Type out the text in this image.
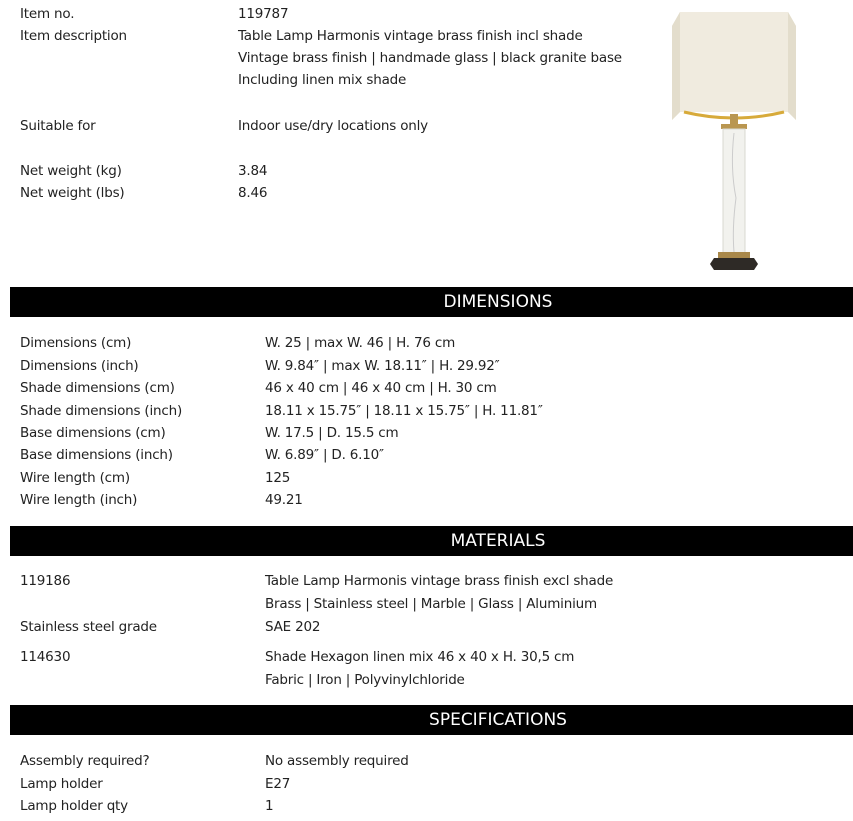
Item no.	119787
Item description	Table Lamp Harmonis vintage brass finish incl shade
Vintage brass finish | handmade glass | black granite base
Including linen mix shade
Suitable for	Indoor use/dry locations only
Net weight (kg)	3.84
Net weight (lbs)	8.46
DIMENSIONS
Dimensions (cm)	W. 25 | max W. 46 | H. 76 cm
Dimensions (inch)	W. 9.84″ | max W. 18.11″ | H. 29.92″
Shade dimensions (cm)	46 x 40 cm | 46 x 40 cm | H. 30 cm
Shade dimensions (inch)	18.11 x 15.75″ | 18.11 x 15.75″ | H. 11.81″
Base dimensions (cm)	W. 17.5 | D. 15.5 cm
Base dimensions (inch)	W. 6.89″ | D. 6.10″
Wire length (cm)	125
Wire length (inch)	49.21
MATERIALS
119186	Table Lamp Harmonis vintage brass finish excl shade
Brass | Stainless steel | Marble | Glass | Aluminium
Stainless steel grade	SAE 202
114630	Shade Hexagon linen mix 46 x 40 x H. 30,5 cm
Fabric | Iron | Polyvinylchloride
SPECIFICATIONS
Assembly required?	No assembly required
Lamp holder	E27
Lamp holder qty	1
